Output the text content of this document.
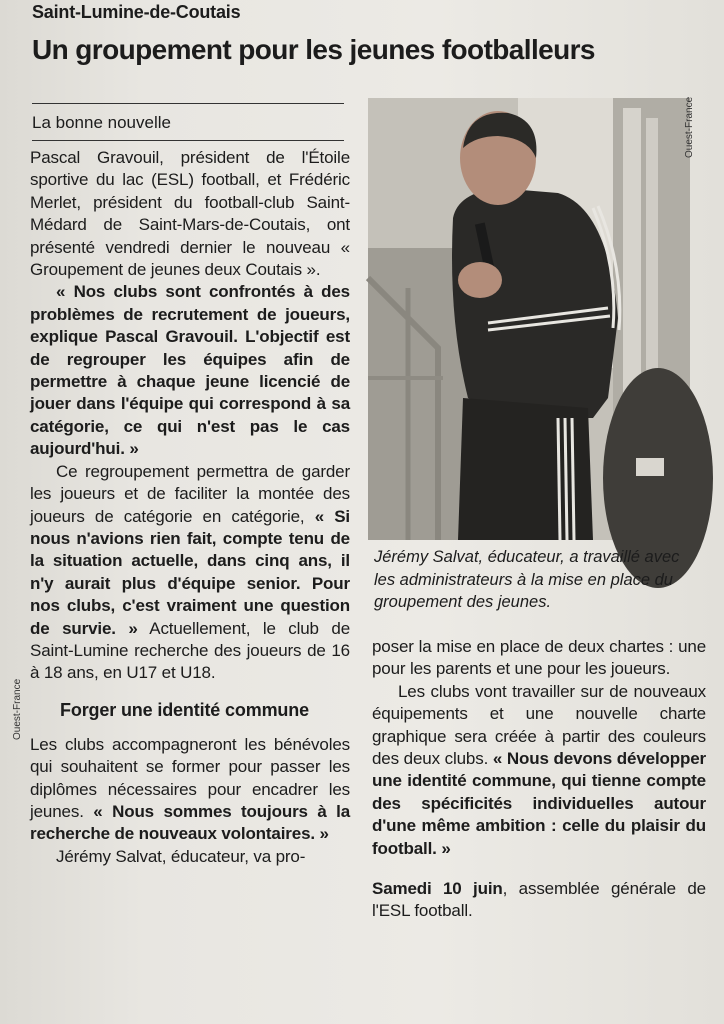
Saint-Lumine-de-Coutais
Un groupement pour les jeunes footballeurs
La bonne nouvelle

Pascal Gravouil, président de l'Étoile sportive du lac (ESL) football, et Frédéric Merlet, président du football-club Saint-Médard de Saint-Mars-de-Coutais, ont présenté vendredi dernier le nouveau « Groupement de jeunes deux Coutais ».

« Nos clubs sont confrontés à des problèmes de recrutement de joueurs, explique Pascal Gravouil. L'objectif est de regrouper les équipes afin de permettre à chaque jeune licencié de jouer dans l'équipe qui correspond à sa catégorie, ce qui n'est pas le cas aujourd'hui. »

Ce regroupement permettra de garder les joueurs et de faciliter la montée des joueurs de catégorie en catégorie, « Si nous n'avions rien fait, compte tenu de la situation actuelle, dans cinq ans, il n'y aurait plus d'équipe senior. Pour nos clubs, c'est vraiment une question de survie. » Actuellement, le club de Saint-Lumine recherche des joueurs de 16 à 18 ans, en U17 et U18.

Forger une identité commune

Les clubs accompagneront les bénévoles qui souhaitent se former pour passer les diplômes nécessaires pour encadrer les jeunes. « Nous sommes toujours à la recherche de nouveaux volontaires. »

Jérémy Salvat, éducateur, va pro-

Ouest-France
Jérémy Salvat, éducateur, a travaillé avec les administrateurs à la mise en place du groupement des jeunes.
Ouest-France

poser la mise en place de deux chartes : une pour les parents et une pour les joueurs.

Les clubs vont travailler sur de nouveaux équipements et une nouvelle charte graphique sera créée à partir des couleurs des deux clubs. « Nous devons développer une identité commune, qui tienne compte des spécificités individuelles autour d'une même ambition : celle du plaisir du football. »

Samedi 10 juin, assemblée générale de l'ESL football.
